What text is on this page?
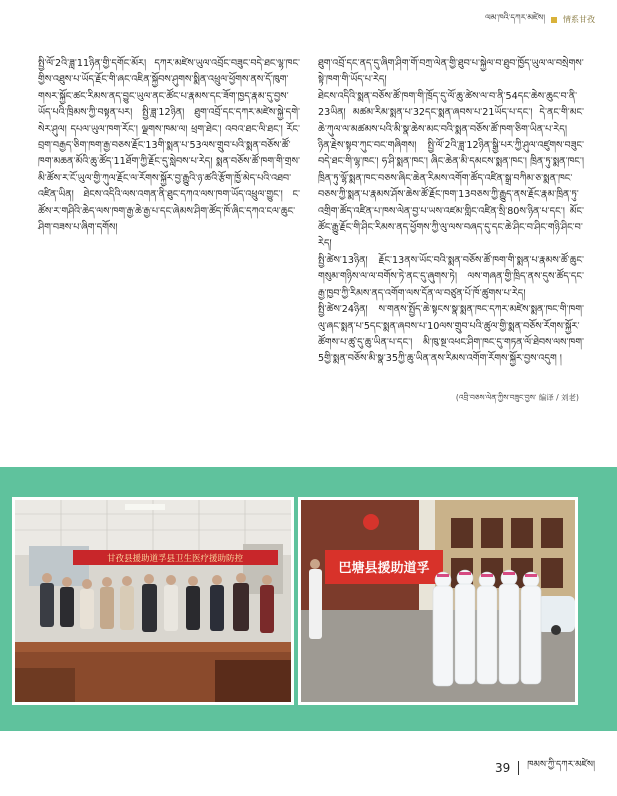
ལམ་ཁའི་དཀར་མཛེས། 情系甘孜

སྤྱི་ལོ་2འི་ཟླ་11ཉིན་གྱི་དགོང་མོར། དཀར་མཛེས་ཡུལ་འབྲོང་བཟུང་བདེ་ཐང་ལྷ་ཁང་གྱིས་འཐུས་པ་ཡོད་རྗོང་གི་ཞང་འཇིན་སྐྱོབས་ཤུགས་སྨིན་འཕྲུལ་ཕྱོགས་ནས་དོ་ཁུག་གསར་སྐྱོང་ཚང་རིམས་ནད་བྱུང་ཡུལ་ནང་ཚོང་པ་རྣམས་དང་ཟོག་ཁྱད་རྣམ་དུ་བྱས་ཡོད་པའི་ཁྲིམས་ཀྱི་བསྟན་པར། སྤྱི་ཟླ་12ཉིན། ཐུག་འབྲོ་དང་དཀར་མཛེས་སྐྱེ་དགེ་ སེར་ཤུལ། དཔལ་ཡུལ་ཁག་རོང་། ལྗགས་ཁམ་ལ། ཕྲག་ཐེང་། འབའ་ཐང་ལི་ཐང་། རོང་བྲག་བརྒྱད་ཅིག་ཁག་རྒྱ་བཅས་རྗོང་13གི་སྨན་པ་53ལས་གྲུབ་པའི་སྨན་བཅོས་ཚོ་ཁག་མཆན་མོའི་ཆུ་ཚོད་11ཐོག་ཀྱི་རྗོང་དུ་སླེབས་པ་རེད། སྨན་བཅོས་ཚོ་ཁག་གི་གྲས་མི་ཚོས་ར་ངོ་ཡུལ་གྱི་ཀུལ་རྗོང་ལ་རོགས་སྐྱོར་བྱ་རྒྱུའི་ཉ་ཚའི་རྩོག་ཁྱོ་མེད་པའི་འཐབ་འཛིན་ཡིན། ཐེངས་འདིའི་ལས་འགན་ནི་ཐུང་དཀའ་ལས་ཁག་ཡོད་འཕྲུལ་གྱུང་། ང་ཚོས་ར་གཤིའི་ཆེད་ལས་ཁག་རྒྱ་ཆེ་རྒྱ་པ་དང་ཞེམས་ཤིག་ཚོད་ཁོ་ཞིང་དཀའ་ངལ་ཆུང་ཤིག་བཟས་པ་ཞིག་དགོས།

ཐུག་འབྲོ་དང་ནད་དུ་ཞིག་ཤིག་གོ་བཀྲ་ལེན་གྱི་ཐུབ་པ་སྐྱེལ་བ་ཐུབ་ཁྱོད་ཡུལ་ལ་བསྲེགས་སྟེ་ཁག་གི་ཡོད་པ་རེད།

ཐེངས་འདིའི་སྨན་བཅོས་ཚོ་ཁག་གི་ཁྲོད་དུ་ལོ་ཆུ་ཚེས་ལ་བ་ནི་54དང་ཆེས་ཆུང་བ་ནི་23ཡིན། མཚམ་རིམ་སྨན་པ་32དང་སྨན་ཞབས་པ་21ཡོད་པ་དང་། དེ་ནང་གི་མང་ཆེ་ཀུལ་ལ་མཚམས་པའི་མི་སྣ་ཆེས་མང་བའི་སྨན་བཅོས་ཚོ་ཁག་ཅིག་ཡིན་པ་རེད།

ཉིན་རྗེས་སྟབ་ཀུང་བང་གཞིགས། སྤྱི་ལོ་2འི་ཟླ་12ཉིན་སྒྱི་པར་ཀྱི་ཤུལ་འཛུགས་བཟུང་བདེ་ཐང་གི་ལྷ་ཁང་། ཧ་ཤི་སྨན་ཁང་། ཞིང་ཆེན་མི་དམངས་སྨན་ཁང་། ཁྲིན་ཏུ་སྨན་ཁང་། ཁྲིན་ཏུ་ལྷོ་སྨན་ཁང་བཅས་ཞིང་ཆེན་རིམས་འགོག་ཚོད་འཛིན་སྒྲ་བཀིམ་ཅ་སྨན་ཁང་བཅས་ཀྱི་སྨན་པ་རྣམས་ཤོས་ཆེས་ཚོ་རྗོང་ཁག་13བཅས་ཀྱི་རྒྱུད་ནས་རྗོང་རྣམ་ཁྲིན་ཏུ་འགྲིག་ཚོད་འཛིན་པ་ཁས་ལེན་བྱ་པ་ཡས་འཛམ་གླིང་འཛིན་སྲི་80ས་ཉིན་པ་དང་། མོང་ཚོང་རྒྱུ་རྗོང་གི་ཤིང་རིམས་ནད་ཕྱོགས་ཀྱི་ལུ་ལས་བཞད་དུ་དང་ཆེ་ཤིང་བ་ཤིང་གཉི་ཤིང་བ་རེད།

སྤྱི་ཚེས་13ཉིན། རྗོང་13ནས་ཡོང་བའི་སྨན་བཅོས་ཚོ་ཁག་གི་སྨན་པ་རྣམས་ཚོ་ཆུང་གསུམ་གཉིས་ལ་ལ་བགོས་ཏེ་ནང་དུ་ཞུགས་ཏེ། ལས་གཞན་གྱི་ཁྲིད་ནས་དུས་ཚོད་དང་རྒྱ་ཁྱབ་ཀྱི་རིམས་ནད་འགོག་ལས་དོན་ལ་བཙུན་པོ་ཁོ་ཚུགས་པ་རེད།

སྤྱི་ཚེས་24ཉིན། ས་གནས་སྤྱོད་ཆེ་སྟངས་སྣ་སྨན་ཁང་དཀར་མཛེས་སྨན་ཁང་གི་ཁག་ལུ་ཞང་སྨན་པ་5དང་སྨན་ཞབས་པ་10ལས་གྲུབ་པའི་ཚུལ་གྱི་སྨན་བཅོས་རོགས་སྐྱོར་ཚོགས་པ་ཚུ་དུ་ཆུ་ཡིན་པ་དང་། མི་ཁུ་སྔ་འཕང་ཤིག་ཁང་དུ་གཏན་ལོ་ཐེབས་ལས་ཁག་5གྱི་སྨན་བཅོས་མི་སྣ་35ཀྱི་ཆུ་ཡིན་ནས་རིམས་འགོག་རོགས་སྐྱོར་བྱས་འདུག །

(འབྲི་བཅས་ལེན་ཀྱིས་བཟུང་བྱས་ 编译 / 刘老)
甘孜县援助道孚县卫生医疗援助防控
巴塘县援助道孚
39 ཁམས་ཀྱི་དཀར་མཛེས།
